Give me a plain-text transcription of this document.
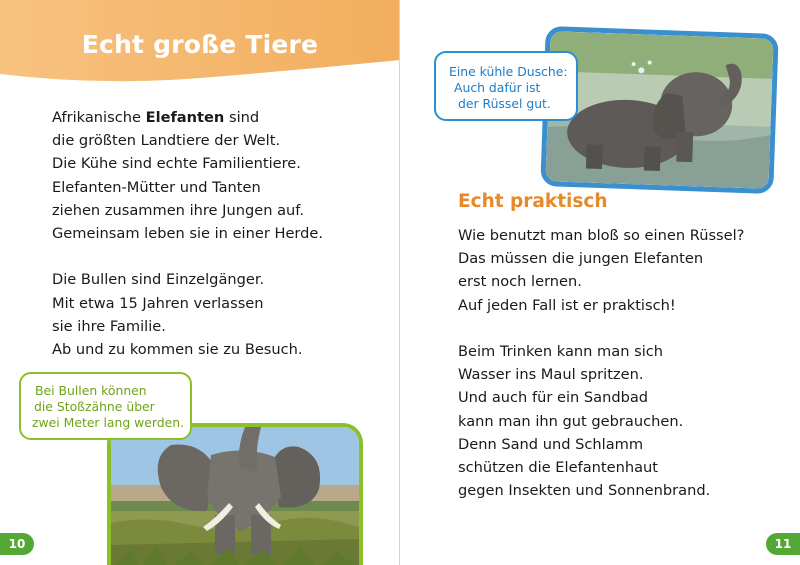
Echt große Tiere
Afrikanische Elefanten sind
die größten Landtiere der Welt.
Die Kühe sind echte Familientiere.
Elefanten-Mütter und Tanten
ziehen zusammen ihre Jungen auf.
Gemeinsam leben sie in einer Herde.
Die Bullen sind Einzelgänger.
Mit etwa 15 Jahren verlassen
sie ihre Familie.
Ab und zu kommen sie zu Besuch.
Bei Bullen können
die Stoßzähne über
zwei Meter lang werden.
10
Eine kühle Dusche:
Auch dafür ist
der Rüssel gut.
Echt praktisch
Wie benutzt man bloß so einen Rüssel?
Das müssen die jungen Elefanten
erst noch lernen.
Auf jeden Fall ist er praktisch!
Beim Trinken kann man sich
Wasser ins Maul spritzen.
Und auch für ein Sandbad
kann man ihn gut gebrauchen.
Denn Sand und Schlamm
schützen die Elefantenhaut
gegen Insekten und Sonnenbrand.
11
